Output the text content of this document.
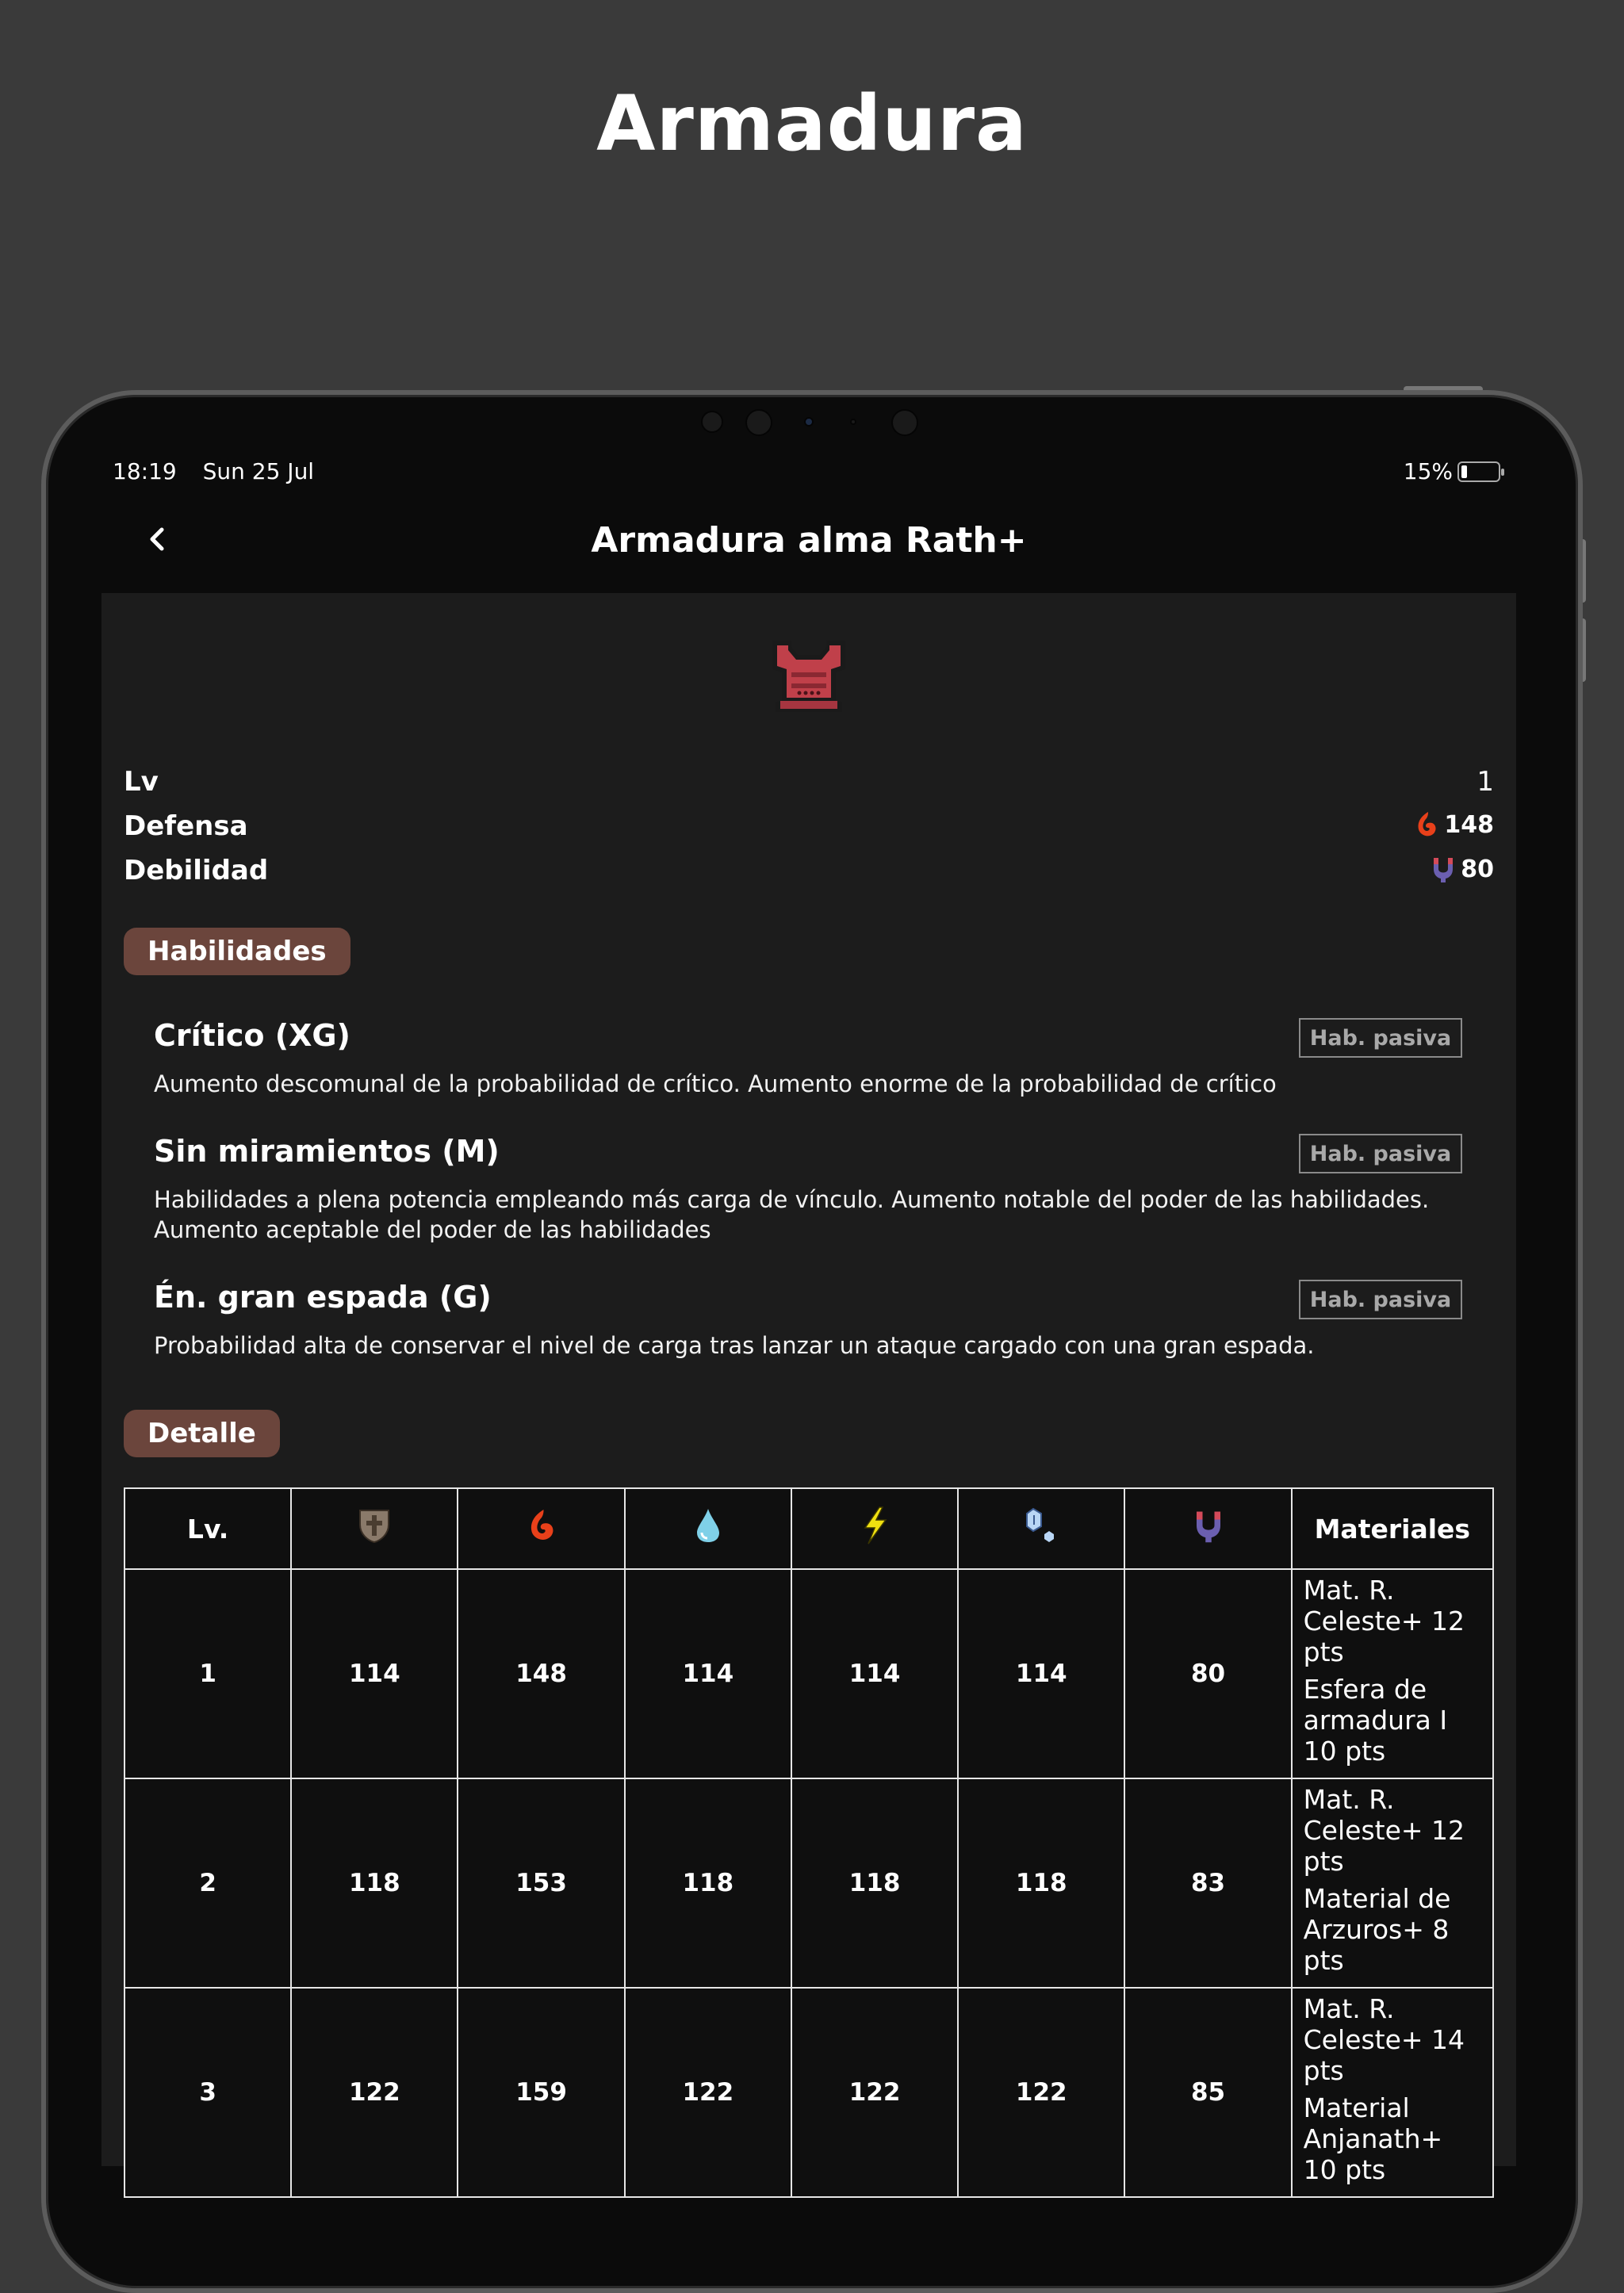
Armadura
18:19 Sun 25 Jul	15%
Armadura alma Rath+
Lv	1
Defensa	148
Debilidad	80
Habilidades
Crítico (XG)	Hab. pasiva
Aumento descomunal de la probabilidad de crítico. Aumento enorme de la probabilidad de crítico
Sin miramientos (M)	Hab. pasiva
Habilidades a plena potencia empleando más carga de vínculo. Aumento notable del poder de las habilidades. Aumento aceptable del poder de las habilidades
Én. gran espada (G)	Hab. pasiva
Probabilidad alta de conservar el nivel de carga tras lanzar un ataque cargado con una gran espada.
Detalle
Lv.							Materiales
1	114	148	114	114	114	80	Mat. R. Celeste+ 12 pts
Esfera de armadura I 10 pts

2	118	153	118	118	118	83	Mat. R. Celeste+ 12 pts
Material de Arzuros+ 8 pts

3	122	159	122	122	122	85	Mat. R. Celeste+ 14 pts
Material Anjanath+ 10 pts
